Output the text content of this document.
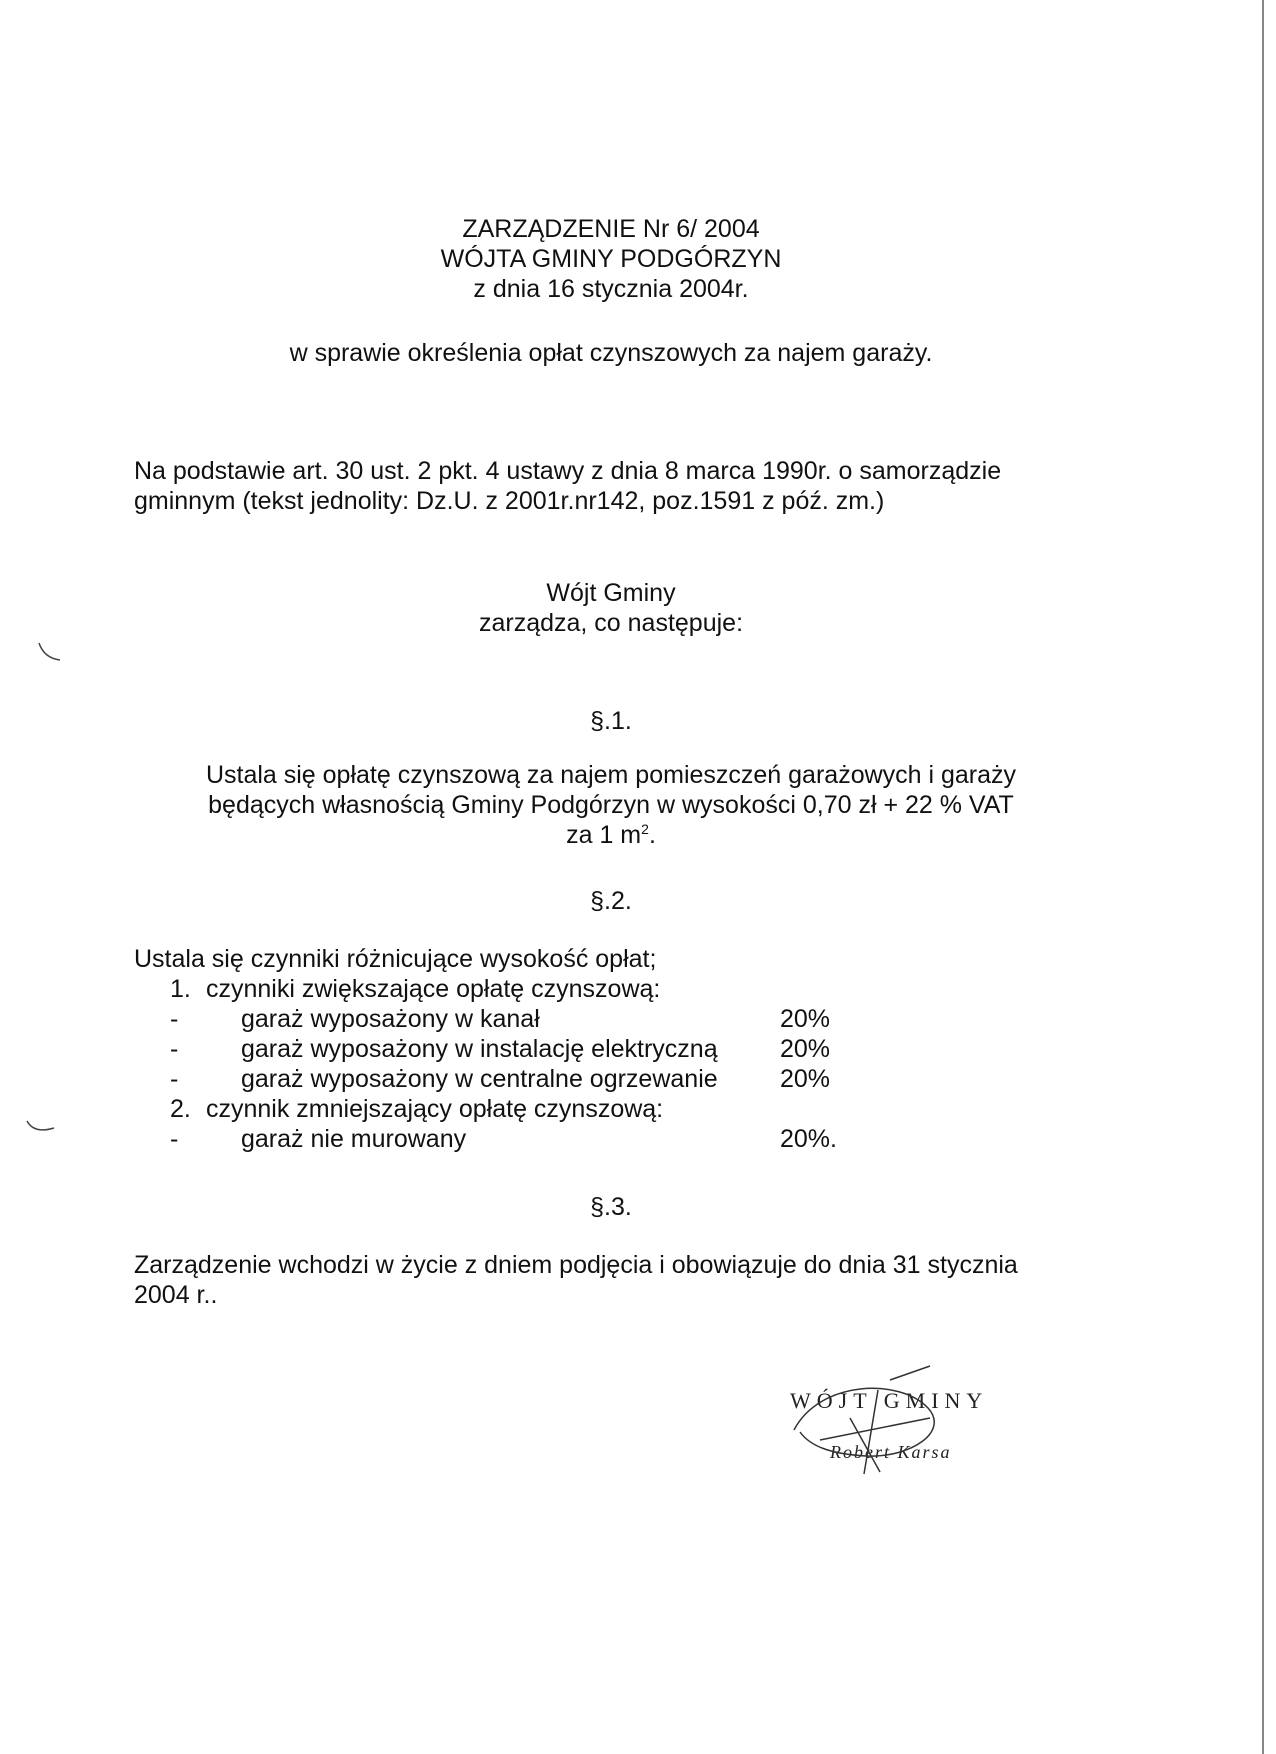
ZARZĄDZENIE Nr 6/ 2004
WÓJTA GMINY PODGÓRZYN
z dnia 16 stycznia 2004r.
w sprawie określenia opłat czynszowych za najem garaży.
Na podstawie art. 30 ust. 2 pkt. 4 ustawy z dnia 8 marca 1990r. o samorządzie
gminnym (tekst jednolity: Dz.U. z 2001r.nr142, poz.1591 z póź. zm.)
Wójt Gminy
zarządza, co następuje:
§.1.
Ustala się opłatę czynszową za najem pomieszczeń garażowych i garaży
będących własnością Gminy Podgórzyn w wysokości 0,70 zł + 22 % VAT
za 1 $m^2$.
§.2.
Ustala się czynniki różnicujące wysokość opłat;
1. czynniki zwiększające opłatę czynszową:
-	garaż wyposażony w kanał	20%
-	garaż wyposażony w instalację elektryczną 20%
-	garaż wyposażony w centralne ogrzewanie 20%
2. czynnik zmniejszający opłatę czynszową:
-	garaż nie murowany	20%.
§.3.
Zarządzenie wchodzi w życie z dniem podjęcia i obowiązuje do dnia 31 stycznia
2004 r..
WÓJT GMINY
Robert Karsa
